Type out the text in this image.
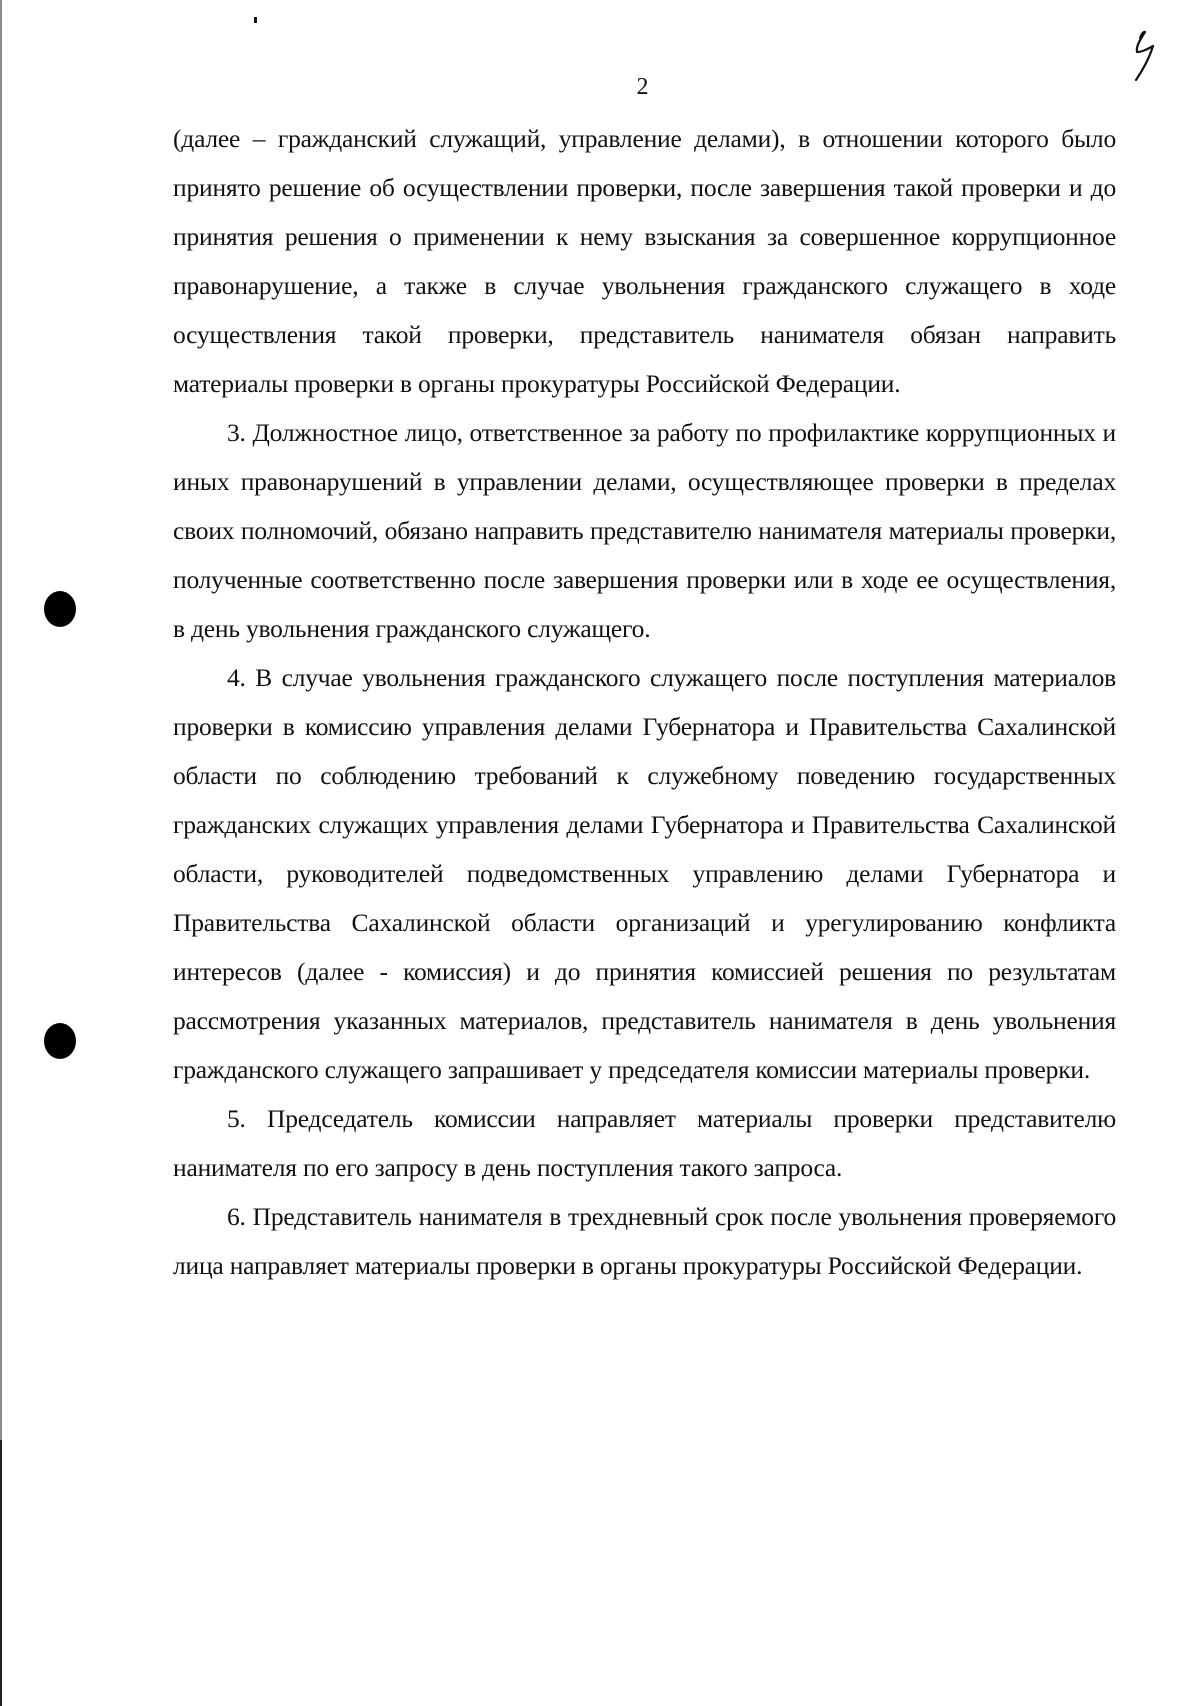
2

(далее – гражданский служащий, управление делами), в отношении которого было принято решение об осуществлении проверки, после завершения такой проверки и до принятия решения о применении к нему взыскания за совершенное коррупционное правонарушение, а также в случае увольнения гражданского служащего в ходе осуществления такой проверки, представитель нанимателя обязан направить материалы проверки в органы прокуратуры Российской Федерации.

3. Должностное лицо, ответственное за работу по профилактике коррупционных и иных правонарушений в управлении делами, осуществляющее проверки в пределах своих полномочий, обязано направить представителю нанимателя материалы проверки, полученные соответственно после завершения проверки или в ходе ее осуществления, в день увольнения гражданского служащего.

4. В случае увольнения гражданского служащего после поступления материалов проверки в комиссию управления делами Губернатора и Правительства Сахалинской области по соблюдению требований к служебному поведению государственных гражданских служащих управления делами Губернатора и Правительства Сахалинской области, руководителей подведомственных управлению делами Губернатора и Правительства Сахалинской области организаций и урегулированию конфликта интересов (далее - комиссия) и до принятия комиссией решения по результатам рассмотрения указанных материалов, представитель нанимателя в день увольнения гражданского служащего запрашивает у председателя комиссии материалы проверки.

5. Председатель комиссии направляет материалы проверки представителю нанимателя по его запросу в день поступления такого запроса.

6. Представитель нанимателя в трехдневный срок после увольнения проверяемого лица направляет материалы проверки в органы прокуратуры Российской Федерации.
